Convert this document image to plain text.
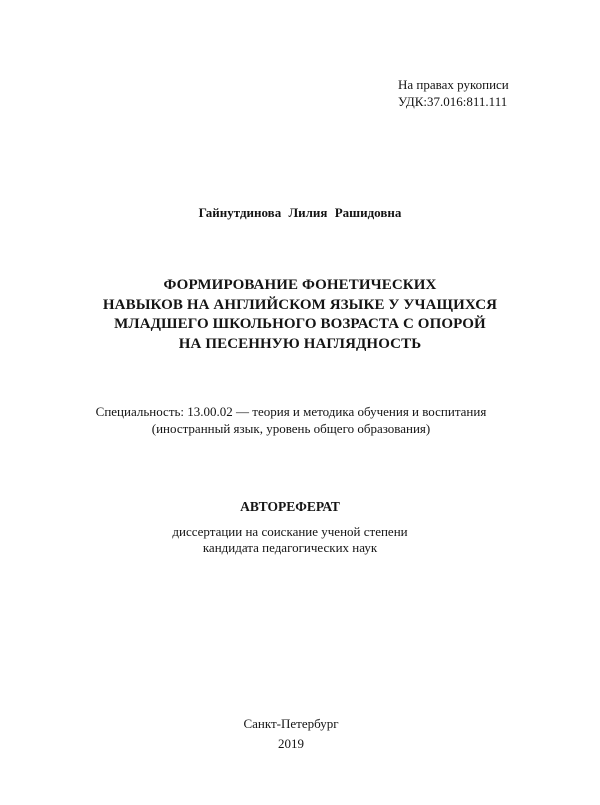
На правах рукописи
УДК:37.016:811.111
Гайнутдинова Лилия Рашидовна
ФОРМИРОВАНИЕ ФОНЕТИЧЕСКИХ
НАВЫКОВ НА АНГЛИЙСКОМ ЯЗЫКЕ У УЧАЩИХСЯ
МЛАДШЕГО ШКОЛЬНОГО ВОЗРАСТА С ОПОРОЙ
НА ПЕСЕННУЮ НАГЛЯДНОСТЬ
Специальность: 13.00.02 — теория и методика обучения и воспитания
(иностранный язык, уровень общего образования)
АВТОРЕФЕРАТ
диссертации на соискание ученой степени
кандидата педагогических наук
Санкт-Петербург
2019
